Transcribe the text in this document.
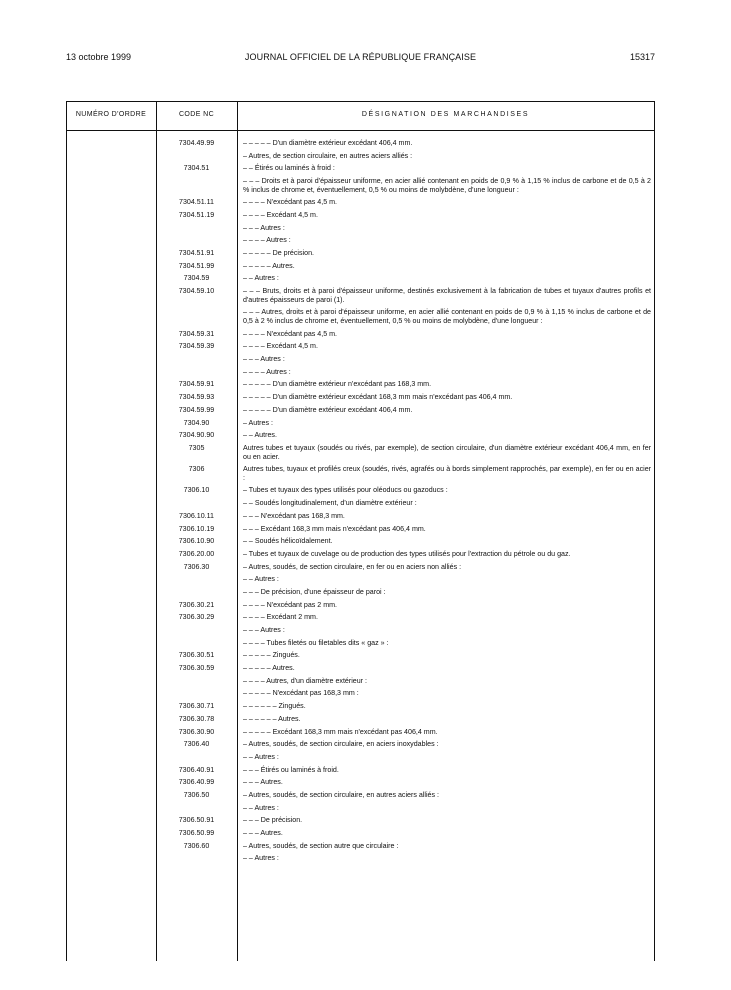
13 octobre 1999	JOURNAL OFFICIEL DE LA RÉPUBLIQUE FRANÇAISE	15317
NUMÉRO D'ORDRE	CODE NC	DÉSIGNATION DES MARCHANDISES
7304.49.99	– – – – – D'un diamètre extérieur excédant 406,4 mm.
– Autres, de section circulaire, en autres aciers alliés :
7304.51	– – Étirés ou laminés à froid :
– – – Droits et à paroi d'épaisseur uniforme, en acier allié contenant en poids de 0,9 % à 1,15 % inclus de carbone et de 0,5 à 2 % inclus de chrome et, éventuellement, 0,5 % ou moins de molybdène, d'une longueur :
7304.51.11	– – – – N'excédant pas 4,5 m.
7304.51.19	– – – – Excédant 4,5 m.
– – – Autres :
– – – – Autres :
7304.51.91	– – – – – De précision.
7304.51.99	– – – – – Autres.
7304.59	– – Autres :
7304.59.10	– – – Bruts, droits et à paroi d'épaisseur uniforme, destinés exclusivement à la fabrication de tubes et tuyaux d'autres profils et d'autres épaisseurs de paroi (1).
– – – Autres, droits et à paroi d'épaisseur uniforme, en acier allié contenant en poids de 0,9 % à 1,15 % inclus de carbone et de 0,5 à 2 % inclus de chrome et, éventuellement, 0,5 % ou moins de molybdène, d'une longueur :
7304.59.31	– – – – N'excédant pas 4,5 m.
7304.59.39	– – – – Excédant 4,5 m.
– – – Autres :
– – – – Autres :
7304.59.91	– – – – – D'un diamètre extérieur n'excédant pas 168,3 mm.
7304.59.93	– – – – – D'un diamètre extérieur excédant 168,3 mm mais n'excédant pas 406,4 mm.
7304.59.99	– – – – – D'un diamètre extérieur excédant 406,4 mm.
7304.90	– Autres :
7304.90.90	– – Autres.
7305	Autres tubes et tuyaux (soudés ou rivés, par exemple), de section circulaire, d'un diamètre extérieur excédant 406,4 mm, en fer ou en acier.
7306	Autres tubes, tuyaux et profilés creux (soudés, rivés, agrafés ou à bords simplement rapprochés, par exemple), en fer ou en acier :
7306.10	– Tubes et tuyaux des types utilisés pour oléoducs ou gazoducs :
– – Soudés longitudinalement, d'un diamètre extérieur :
7306.10.11	– – – N'excédant pas 168,3 mm.
7306.10.19	– – – Excédant 168,3 mm mais n'excédant pas 406,4 mm.
7306.10.90	– – Soudés hélicoïdalement.
7306.20.00	– Tubes et tuyaux de cuvelage ou de production des types utilisés pour l'extraction du pétrole ou du gaz.
7306.30	– Autres, soudés, de section circulaire, en fer ou en aciers non alliés :
– – Autres :
– – – De précision, d'une épaisseur de paroi :
7306.30.21	– – – – N'excédant pas 2 mm.
7306.30.29	– – – – Excédant 2 mm.
– – – Autres :
– – – – Tubes filetés ou filetables dits « gaz » :
7306.30.51	– – – – – Zingués.
7306.30.59	– – – – – Autres.
– – – – Autres, d'un diamètre extérieur :
– – – – – N'excédant pas 168,3 mm :
7306.30.71	– – – – – – Zingués.
7306.30.78	– – – – – – Autres.
7306.30.90	– – – – – Excédant 168,3 mm mais n'excédant pas 406,4 mm.
7306.40	– Autres, soudés, de section circulaire, en aciers inoxydables :
– – Autres :
7306.40.91	– – – Étirés ou laminés à froid.
7306.40.99	– – – Autres.
7306.50	– Autres, soudés, de section circulaire, en autres aciers alliés :
– – Autres :
7306.50.91	– – – De précision.
7306.50.99	– – – Autres.
7306.60	– Autres, soudés, de section autre que circulaire :
– – Autres :
